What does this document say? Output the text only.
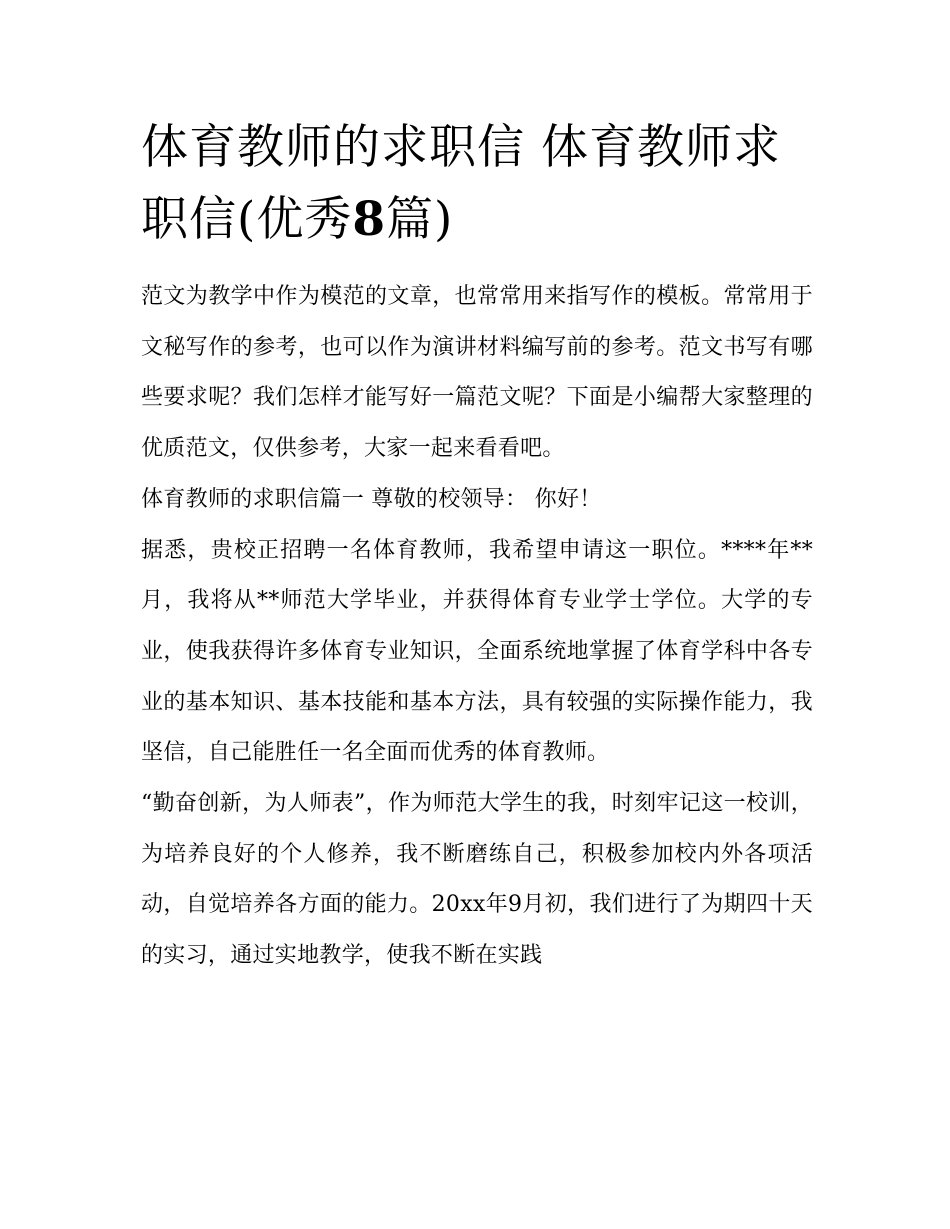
体育教师的求职信 体育教师求职信(优秀8篇)

范文为教学中作为模范的文章，也常常用来指写作的模板。常常用于文秘写作的参考，也可以作为演讲材料编写前的参考。范文书写有哪些要求呢？我们怎样才能写好一篇范文呢？下面是小编帮大家整理的优质范文，仅供参考，大家一起来看看吧。

体育教师的求职信篇一 尊敬的校领导： 你好！

据悉，贵校正招聘一名体育教师，我希望申请这一职位。****年**月，我将从**师范大学毕业，并获得体育专业学士学位。大学的专业，使我获得许多体育专业知识，全面系统地掌握了体育学科中各专业的基本知识、基本技能和基本方法，具有较强的实际操作能力，我坚信，自己能胜任一名全面而优秀的体育教师。

“勤奋创新，为人师表”，作为师范大学生的我，时刻牢记这一校训，为培养良好的个人修养，我不断磨练自己，积极参加校内外各项活动，自觉培养各方面的能力。20xx年9月初，我们进行了为期四十天的实习，通过实地教学，使我不断在实践
